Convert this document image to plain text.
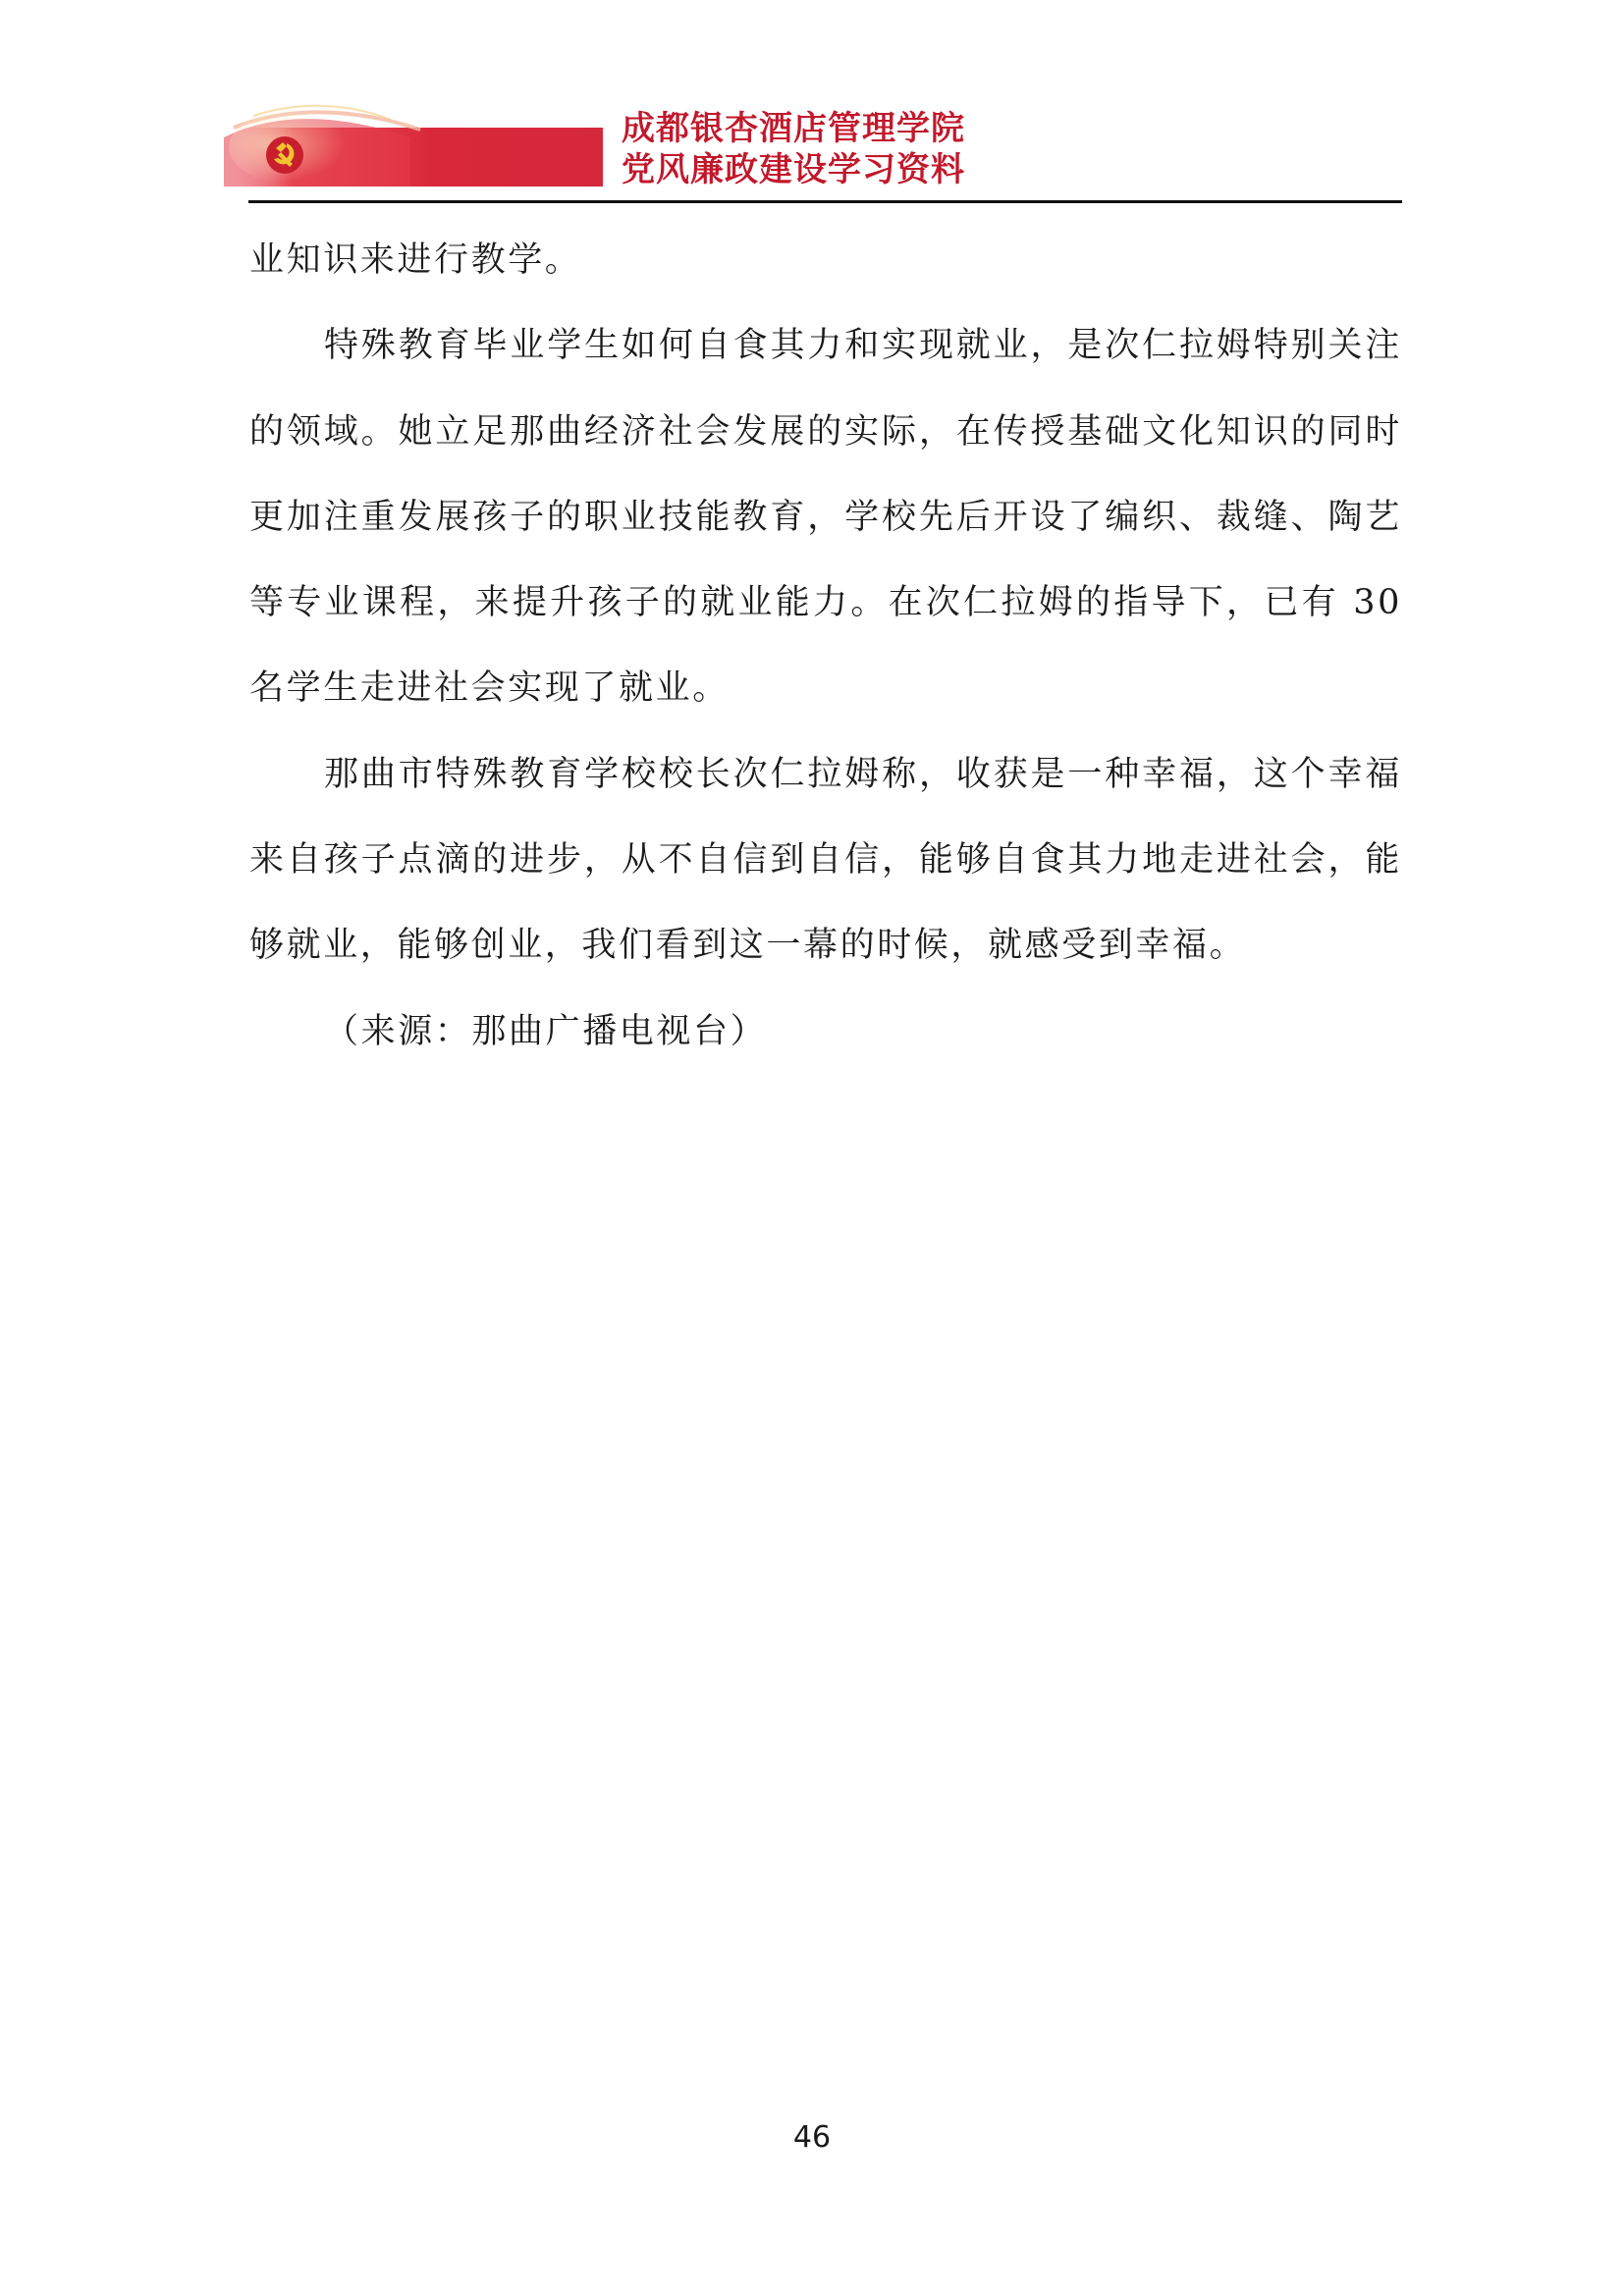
成都银杏酒店管理学院
党风廉政建设学习资料

业知识来进行教学。

特殊教育毕业学生如何自食其力和实现就业，是次仁拉姆特别关注的领域。她立足那曲经济社会发展的实际，在传授基础文化知识的同时更加注重发展孩子的职业技能教育，学校先后开设了编织、裁缝、陶艺等专业课程，来提升孩子的就业能力。在次仁拉姆的指导下，已有 30 名学生走进社会实现了就业。

那曲市特殊教育学校校长次仁拉姆称，收获是一种幸福，这个幸福来自孩子点滴的进步，从不自信到自信，能够自食其力地走进社会，能够就业，能够创业，我们看到这一幕的时候，就感受到幸福。

（来源：那曲广播电视台）

46
